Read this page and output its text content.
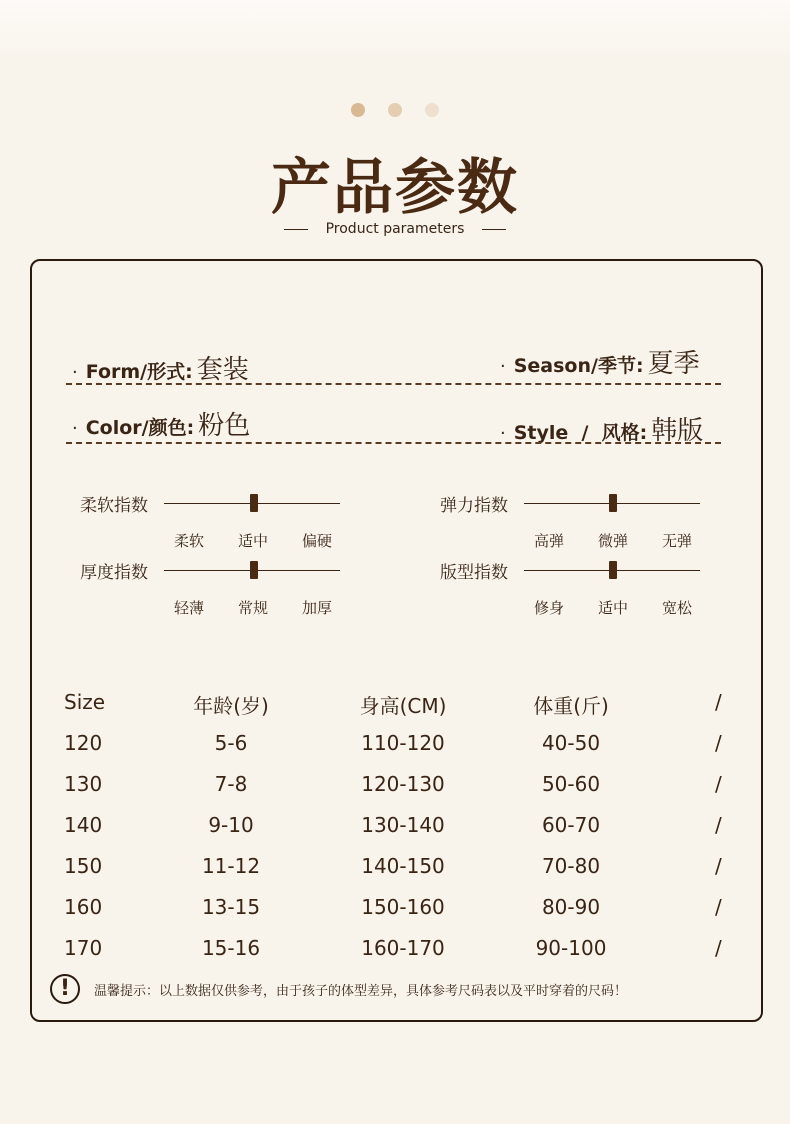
产品参数
Product parameters
· Form/形式: 套装	· Season/季节: 夏季
· Color/颜色: 粉色	· Style  /  风格: 韩版
柔软指数
柔软 适中 偏硬
弹力指数
高弹 微弹 无弹
厚度指数
轻薄 常规 加厚
版型指数
修身 适中 宽松
Size	年龄(岁)	身高(CM)	体重(斤)	/
120	5-6	110-120	40-50	/
130	7-8	120-130	50-60	/
140	9-10	130-140	60-70	/
150	11-12	140-150	70-80	/
160	13-15	150-160	80-90	/
170	15-16	160-170	90-100	/
!	温馨提示：以上数据仅供参考，由于孩子的体型差异，具体参考尺码表以及平时穿着的尺码！
